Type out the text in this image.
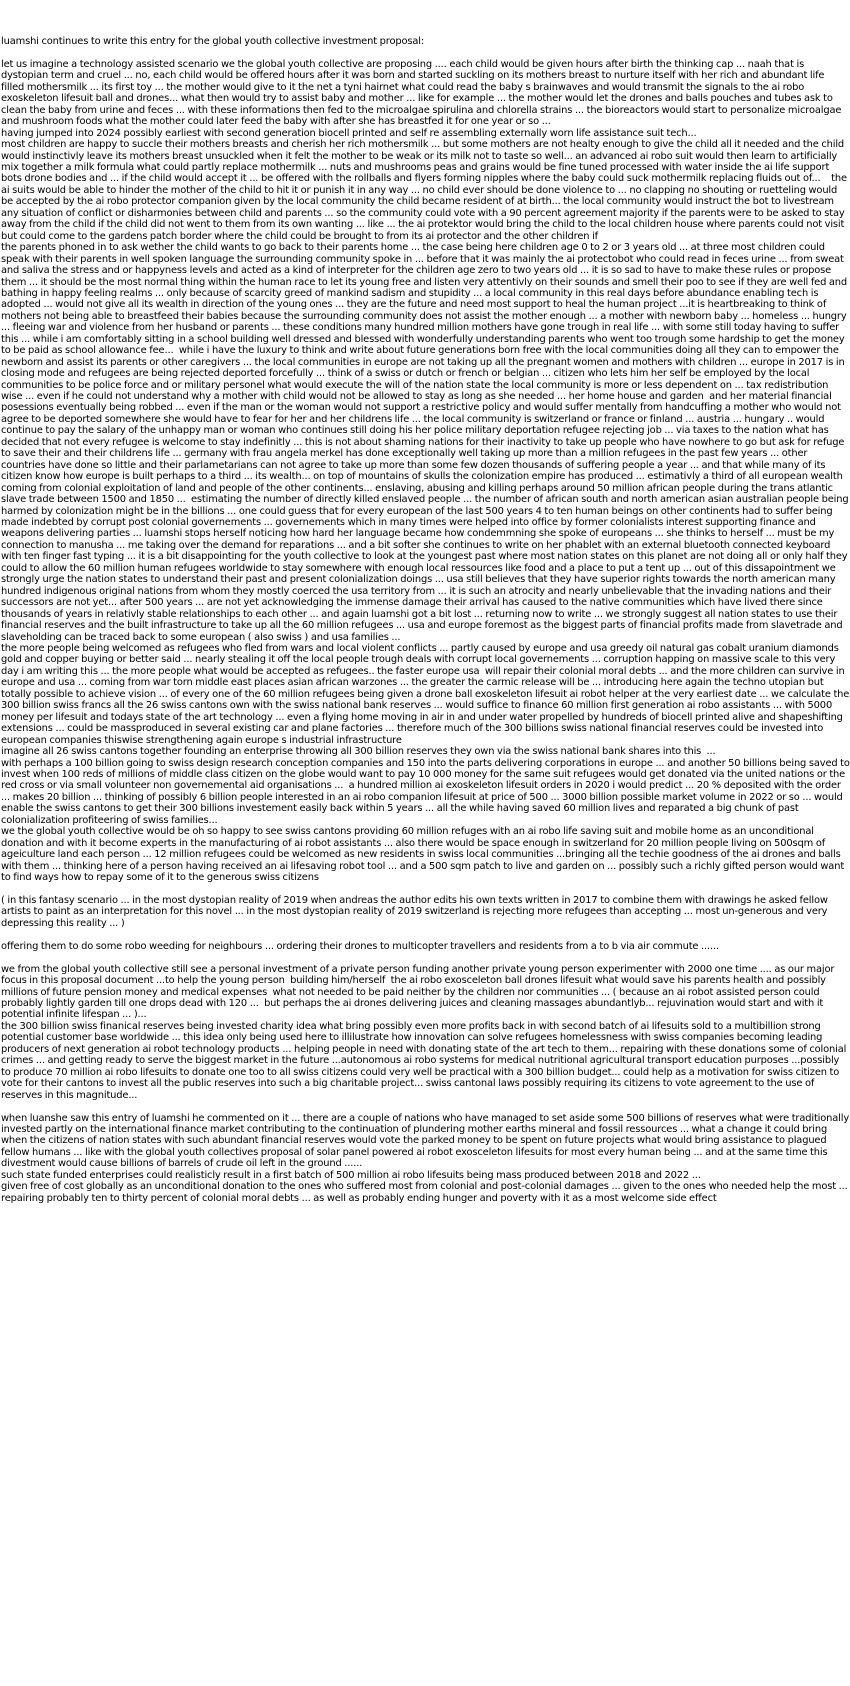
luamshi continues to write this entry for the global youth collective investment proposal:

let us imagine a technology assisted scenario we the global youth collective are proposing .... each child would be given hours after birth the thinking cap ... naah that is dystopian term and cruel ... no, each child would be offered hours after it was born and started suckling on its mothers breast to nurture itself with her rich and abundant life filled mothersmilk ... its first toy ... the mother would give to it the net a tyni hairnet what could read the baby s brainwaves and would transmit the signals to the ai robo exoskeleton lifesuit ball and drones... what then would try to assist baby and mother ... like for example ... the mother would let the drones and balls pouches and tubes ask to clean the baby from urine and feces ... with these informations then fed to the microalgae spirulina and chlorella strains ... the bioreactors would start to personalize microalgae and mushroom foods what the mother could later feed the baby with after she has breastfed it for one year or so ...
having jumped into 2024 possibly earliest with second generation biocell printed and self re assembling externally worn life assistance suit tech...
most children are happy to succle their mothers breasts and cherish her rich mothersmilk ... but some mothers are not healty enough to give the child all it needed and the child would instinctivly leave its mothers breast unsuckled when it felt the mother to be weak or its milk not to taste so well... an advanced ai robo suit would then learn to artificially mix together a milk formula what could partly replace mothermilk ... nuts and mushrooms peas and grains would be fine tuned processed with water inside the ai life support bots drone bodies and ... if the child would accept it ... be offered with the rollballs and flyers forming nipples where the baby could suck mothermilk replacing fluids out of...    the ai suits would be able to hinder the mother of the child to hit it or punish it in any way ... no child ever should be done violence to ... no clapping no shouting or ruetteling would be accepted by the ai robo protector companion given by the local community the child became resident of at birth... the local community would instruct the bot to livestream any situation of conflict or disharmonies between child and parents ... so the community could vote with a 90 percent agreement majority if the parents were to be asked to stay away from the child if the child did not went to them from its own wanting ... like ... the ai protektor would bring the child to the local children house where parents could not visit but could come to the gardens patch border where the child could be brought to from its ai protector and the other children if
the parents phoned in to ask wether the child wants to go back to their parents home ... the case being here children age 0 to 2 or 3 years old ... at three most children could speak with their parents in well spoken language the surrounding community spoke in ... before that it was mainly the ai protectobot who could read in feces urine ... from sweat and saliva the stress and or happyness levels and acted as a kind of interpreter for the children age zero to two years old ... it is so sad to have to make these rules or propose them ... it should be the most normal thing within the human race to let its young free and listen very attentivly on their sounds and smell their poo to see if they are well fed and bathing in happy feeling realms ... only because of scarcity greed of mankind sadism and stupidity ... a local community in this real days before abundance enabling tech is adopted ... would not give all its wealth in direction of the young ones ... they are the future and need most support to heal the human project ...it is heartbreaking to think of mothers not being able to breastfeed their babies because the surrounding community does not assist the mother enough ... a mother with newborn baby ... homeless ... hungry ... fleeing war and violence from her husband or parents ... these conditions many hundred million mothers have gone trough in real life ... with some still today having to suffer this ... while i am comfortably sitting in a school building well dressed and blessed with wonderfully understanding parents who went too trough some hardship to get the money to be paid as school allowance fee...  while i have the luxury to think and write about future generations born free with the local communities doing all they can to empower the newborn and assist its parents or other caregivers ... the local communities in europe are not taking up all the pregnant women and mothers with children ... europe in 2017 is in closing mode and refugees are being rejected deported forcefully ... think of a swiss or dutch or french or belgian ... citizen who lets him her self be employed by the local communities to be police force and or military personel what would execute the will of the nation state the local community is more or less dependent on ... tax redistribution wise ... even if he could not understand why a mother with child would not be allowed to stay as long as she needed ... her home house and garden  and her material financial  posessions eventually being robbed ... even if the man or the woman would not support a restrictive policy and would suffer mentally from handcuffing a mother who would not agree to be deported somewhere she would have to fear for her and her childrens life ... the local community is switzerland or france or finland ... austria ... hungary .. would continue to pay the salary of the unhappy man or woman who continues still doing his her police military deportation refugee rejecting job ... via taxes to the nation what has decided that not every refugee is welcome to stay indefinitly ... this is not about shaming nations for their inactivity to take up people who have nowhere to go but ask for refuge to save their and their childrens life ... germany with frau angela merkel has done exceptionally well taking up more than a million refugees in the past few years ... other countries have done so little and their parlametarians can not agree to take up more than some few dozen thousands of suffering people a year ... and that while many of its citizen know how europe is built perhaps to a third ... its wealth... on top of mountains of skulls the colonization empire has produced ... estimativly a third of all european wealth coming from colonial exploitation of land and people of the other continents... enslaving, abusing and killing perhaps around 50 million african people during the trans atlantic slave trade between 1500 and 1850 ...  estimating the number of directly killed enslaved people ... the number of african south and north american asian australian people being harmed by colonization might be in the billions ... one could guess that for every european of the last 500 years 4 to ten human beings on other continents had to suffer being made indebted by corrupt post colonial governements ... governements which in many times were helped into office by former colonialists interest supporting finance and weapons delivering parties ... luamshi stops herself noticing how hard her language became how condemmning she spoke of europeans ... she thinks to herself ... must be my connection to manusha ... me taking over the demand for reparations ... and a bit softer she continues to write on her phablet with an external bluetooth connected keyboard with ten finger fast typing ... it is a bit disappointing for the youth collective to look at the youngest past where most nation states on this planet are not doing all or only half they could to allow the 60 million human refugees worldwide to stay somewhere with enough local ressources like food and a place to put a tent up ... out of this dissapointment we strongly urge the nation states to understand their past and present colonialization doings ... usa still believes that they have superior rights towards the north american many hundred indigenous original nations from whom they mostly coerced the usa territory from ... it is such an atrocity and nearly unbelievable that the invading nations and their successors are not yet... after 500 years ... are not yet acknowledging the immense damage their arrival has caused to the native communities which have lived there since thousands of years in relativly stable relationships to each other ... and again luamshi got a bit lost ... returning now to write ... we strongly suggest all nation states to use their financial reserves and the built infrastructure to take up all the 60 million refugees ... usa and europe foremost as the biggest parts of financial profits made from slavetrade and slaveholding can be traced back to some european ( also swiss ) and usa families ...
the more people being welcomed as refugees who fled from wars and local violent conflicts ... partly caused by europe and usa greedy oil natural gas cobalt uranium diamonds gold and copper buying or better said ... nearly stealing it off the local people trough deals with corrupt local governements ... corruption happing on massive scale to this very day i am writing this ... the more people what would be accepted as refugees.. the faster europe usa  will repair their colonial moral debts ... and the more children can survive in europe and usa ... coming from war torn middle east places asian african warzones ... the greater the carmic release will be ... introducing here again the techno utopian but totally possible to achieve vision ... of every one of the 60 million refugees being given a drone ball exoskeleton lifesuit ai robot helper at the very earliest date ... we calculate the 300 billion swiss francs all the 26 swiss cantons own with the swiss national bank reserves ... would suffice to finance 60 million first generation ai robo assistants ... with 5000 money per lifesuit and todays state of the art technology ... even a flying home moving in air in and under water propelled by hundreds of biocell printed alive and shapeshifting  extensions ... could be massproduced in several existing car and plane factories ... therefore much of the 300 billions swiss national financial reserves could be invested into european companies thiswise strengthening again europe s industrial infrastructure
imagine all 26 swiss cantons together founding an enterprise throwing all 300 billion reserves they own via the swiss national bank shares into this  ...
with perhaps a 100 billion going to swiss design research conception companies and 150 into the parts delivering corporations in europe ... and another 50 billions being saved to invest when 100 reds of millions of middle class citizen on the globe would want to pay 10 000 money for the same suit refugees would get donated via the united nations or the red cross or via small volunteer non governemental aid organisations ...  a hundred million ai exoskeleton lifesuit orders in 2020 i would predict ... 20 % deposited with the order ... makes 20 billion ... thinking of possibly 6 billion people interested in an ai robo companion lifesuit at price of 500 ... 3000 billion possible market volume in 2022 or so ... would enable the swiss cantons to get their 300 billions investement easily back within 5 years ... all the while having saved 60 million lives and reparated a big chunk of past colonialization profiteering of swiss families...
we the global youth collective would be oh so happy to see swiss cantons providing 60 million refuges with an ai robo life saving suit and mobile home as an unconditional donation and with it become experts in the manufacturing of ai robot assistants ... also there would be space enough in switzerland for 20 million people living on 500sqm of ageiculture land each person ... 12 million refugees could be welcomed as new residents in swiss local communities ...bringing all the techie goodness of the ai drones and balls with them ... thinking here of a person having received an ai lifesaving robot tool ... and a 500 sqm patch to live and garden on ... possibly such a richly gifted person would want to find ways how to repay some of it to the generous swiss citizens

( in this fantasy scenario ... in the most dystopian reality of 2019 when andreas the author edits his own texts written in 2017 to combine them with drawings he asked fellow artists to paint as an interpretation for this novel ... in the most dystopian reality of 2019 switzerland is rejecting more refugees than accepting ... most un-generous and very depressing this reality ... )

offering them to do some robo weeding for neighbours ... ordering their drones to multicopter travellers and residents from a to b via air commute ......

we from the global youth collective still see a personal investment of a private person funding another private young person experimenter with 2000 one time .... as our major focus in this proposal document ...to help the young person  building him/herself  the ai robo exosceleton ball drones lifesuit what would save his parents health and possibly millions of future pension money and medical expenses  what not needed to be paid neither by the children nor communities ... ( because an ai robot assisted person could probably lightly garden till one drops dead with 120 ...  but perhaps the ai drones delivering juices and cleaning massages abundantlyb... rejuvination would start and with it potential infinite lifespan ... )...
the 300 billion swiss finanical reserves being invested charity idea what bring possibly even more profits back in with second batch of ai lifesuits sold to a multibillion strong potential customer base worldwide ... this idea only being used here to illilustrate how innovation can solve refugees homelessness with swiss companies becoming leading producers of next generation ai robot technology products ... helping people in need with donating state of the art tech to them... repairing with these donations some of colonial crimes ... and getting ready to serve the biggest market in the future ...autonomous ai robo systems for medical nutritional agricultural transport education purposes ...possibly to produce 70 million ai robo lifesuits to donate one too to all swiss citizens could very well be practical with a 300 billion budget... could help as a motivation for swiss citizen to vote for their cantons to invest all the public reserves into such a big charitable project... swiss cantonal laws possibly requiring its citizens to vote agreement to the use of reserves in this magnitude...

when luanshe saw this entry of luamshi he commented on it ... there are a couple of nations who have managed to set aside some 500 billions of reserves what were traditionally invested partly on the international finance market contributing to the continuation of plundering mother earths mineral and fossil ressources ... what a change it could bring when the citizens of nation states with such abundant financial reserves would vote the parked money to be spent on future projects what would bring assistance to plagued fellow humans ... like with the global youth collectives proposal of solar panel powered ai robot exosceleton lifesuits for most every human being ... and at the same time this divestment would cause billions of barrels of crude oil left in the ground ......
such state funded enterprises could realisticly result in a first batch of 500 million ai robo lifesuits being mass produced between 2018 and 2022 ...
given free of cost globally as an unconditional donation to the ones who suffered most from colonial and post-colonial damages ... given to the ones who needed help the most ... repairing probably ten to thirty percent of colonial moral debts ... as well as probably ending hunger and poverty with it as a most welcome side effect
